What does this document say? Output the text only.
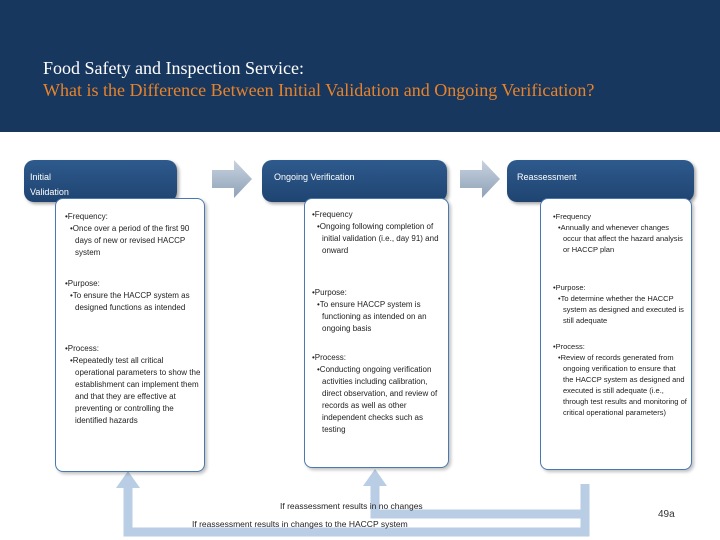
Food Safety and Inspection Service:
What is the Difference Between Initial Validation and Ongoing Verification?
Initial Validation
Ongoing Verification	Reassessment
•Frequency:
•Once over a period of the first 90 days of new or revised HACCP system
•Purpose:
•To ensure the HACCP system as designed functions as intended
•Process:
•Repeatedly test all critical operational parameters to show the establishment can implement them and that they are effective at preventing or controlling the identified hazards
•Frequency
•Ongoing following completion of initial validation (i.e., day 91) and onward
•Purpose:
•To ensure HACCP system is functioning as intended on an ongoing basis
•Process:
•Conducting ongoing verification activities including calibration, direct observation, and review of records as well as other independent checks such as testing
•Frequency
•Annually and whenever changes occur that affect the hazard analysis or HACCP plan
•Purpose:
•To determine whether the HACCP system as designed and executed is still adequate
•Process:
•Review of records generated from ongoing verification to ensure that the HACCP system as designed and executed is still adequate (i.e., through test results and monitoring of critical operational parameters)
If reassessment results in no changes
If reassessment results in changes to the HACCP system
49a
